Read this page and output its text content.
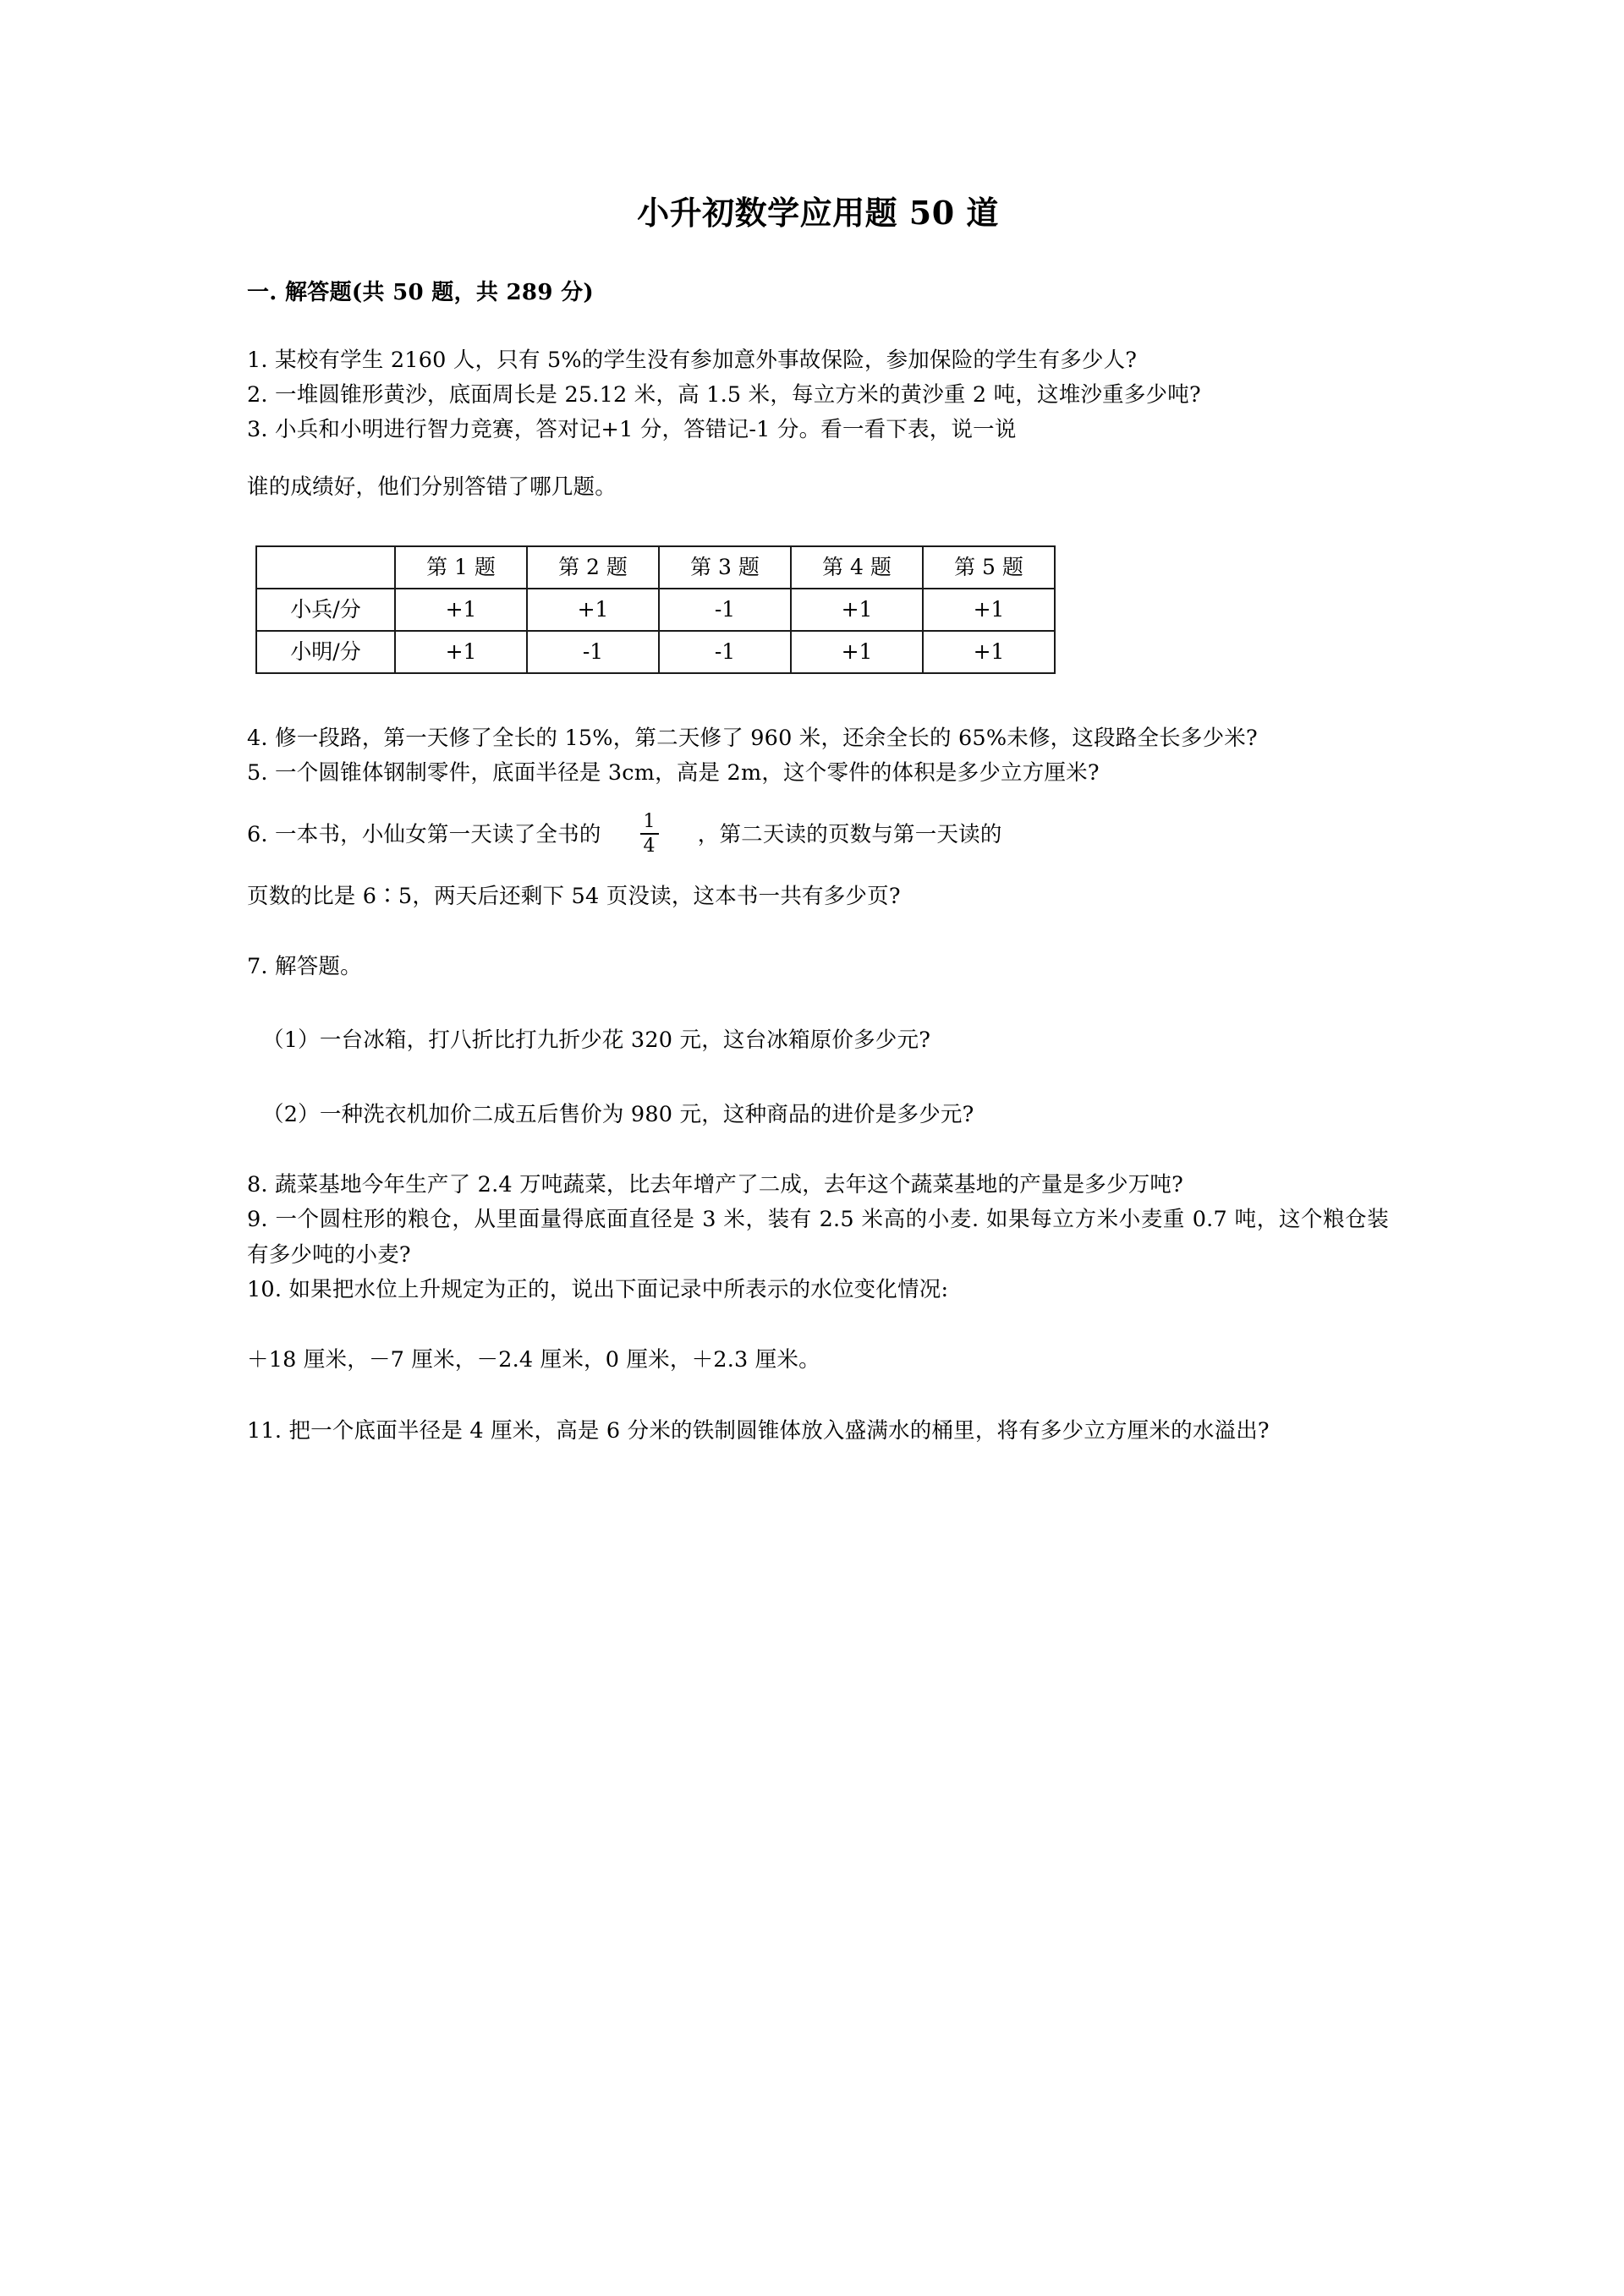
小升初数学应用题 50 道
一. 解答题(共 50 题，共 289 分)

1. 某校有学生 2160 人，只有 5%的学生没有参加意外事故保险，参加保险的学生有多少人?

2. 一堆圆锥形黄沙，底面周长是 25.12 米，高 1.5 米，每立方米的黄沙重 2 吨，这堆沙重多少吨?

3. 小兵和小明进行智力竞赛，答对记+1 分，答错记-1 分。看一看下表，说一说

谁的成绩好，他们分别答错了哪几题。

	第 1 题	第 2 题	第 3 题	第 4 题	第 5 题
小兵/分	+1	+1	-1	+1	+1
小明/分	+1	-1	-1	+1	+1

4. 修一段路，第一天修了全长的 15%，第二天修了 960 米，还余全长的 65%未修，这段路全长多少米?

5. 一个圆锥体钢制零件，底面半径是 3cm，高是 2m，这个零件的体积是多少立方厘米?

6. 一本书，小仙女第一天读了全书的 $\frac{1}{4}$ ，第二天读的页数与第一天读的

页数的比是 6∶5，两天后还剩下 54 页没读，这本书一共有多少页?

7. 解答题。

（1）一台冰箱，打八折比打九折少花 320 元，这台冰箱原价多少元?

（2）一种洗衣机加价二成五后售价为 980 元，这种商品的进价是多少元?

8. 蔬菜基地今年生产了 2.4 万吨蔬菜，比去年增产了二成，去年这个蔬菜基地的产量是多少万吨?

9. 一个圆柱形的粮仓，从里面量得底面直径是 3 米，装有 2.5 米高的小麦. 如果每立方米小麦重 0.7 吨，这个粮仓装有多少吨的小麦?

10. 如果把水位上升规定为正的，说出下面记录中所表示的水位变化情况:

＋18 厘米，－7 厘米，－2.4 厘米，0 厘米，＋2.3 厘米。

11. 把一个底面半径是 4 厘米，高是 6 分米的铁制圆锥体放入盛满水的桶里，将有多少立方厘米的水溢出?
